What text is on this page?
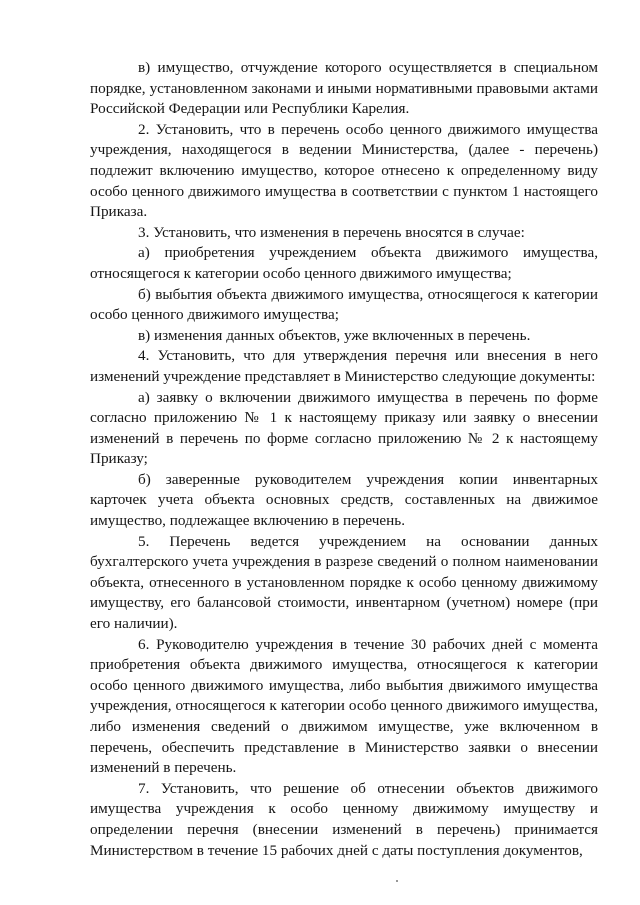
в) имущество, отчуждение которого осуществляется в специальном порядке, установленном законами и иными нормативными правовыми актами Российской Федерации или Республики Карелия.

2. Установить, что в перечень особо ценного движимого имущества учреждения, находящегося в ведении Министерства, (далее - перечень) подлежит включению имущество, которое отнесено к определенному виду особо ценного движимого имущества в соответствии с пунктом 1 настоящего Приказа.

3. Установить, что изменения в перечень вносятся в случае:

а) приобретения учреждением объекта движимого имущества, относящегося к категории особо ценного движимого имущества;

б) выбытия объекта движимого имущества, относящегося к категории особо ценного движимого имущества;

в) изменения данных объектов, уже включенных в перечень.

4. Установить, что для утверждения перечня или внесения в него изменений учреждение представляет в Министерство следующие документы:

а) заявку о включении движимого имущества в перечень по форме согласно приложению № 1 к настоящему приказу или заявку о внесении изменений в перечень по форме согласно приложению № 2 к настоящему Приказу;

б) заверенные руководителем учреждения копии инвентарных карточек учета объекта основных средств, составленных на движимое имущество, подлежащее включению в перечень.

5. Перечень ведется учреждением на основании данных бухгалтерского учета учреждения в разрезе сведений о полном наименовании объекта, отнесенного в установленном порядке к особо ценному движимому имуществу, его балансовой стоимости, инвентарном (учетном) номере (при его наличии).

6. Руководителю учреждения в течение 30 рабочих дней с момента приобретения объекта движимого имущества, относящегося к категории особо ценного движимого имущества, либо выбытия движимого имущества учреждения, относящегося к категории особо ценного движимого имущества, либо изменения сведений о движимом имуществе, уже включенном в перечень, обеспечить представление в Министерство заявки о внесении изменений в перечень.

7. Установить, что решение об отнесении объектов движимого имущества учреждения к особо ценному движимому имуществу и определении перечня (внесении изменений в перечень) принимается Министерством в течение 15 рабочих дней с даты поступления документов,
